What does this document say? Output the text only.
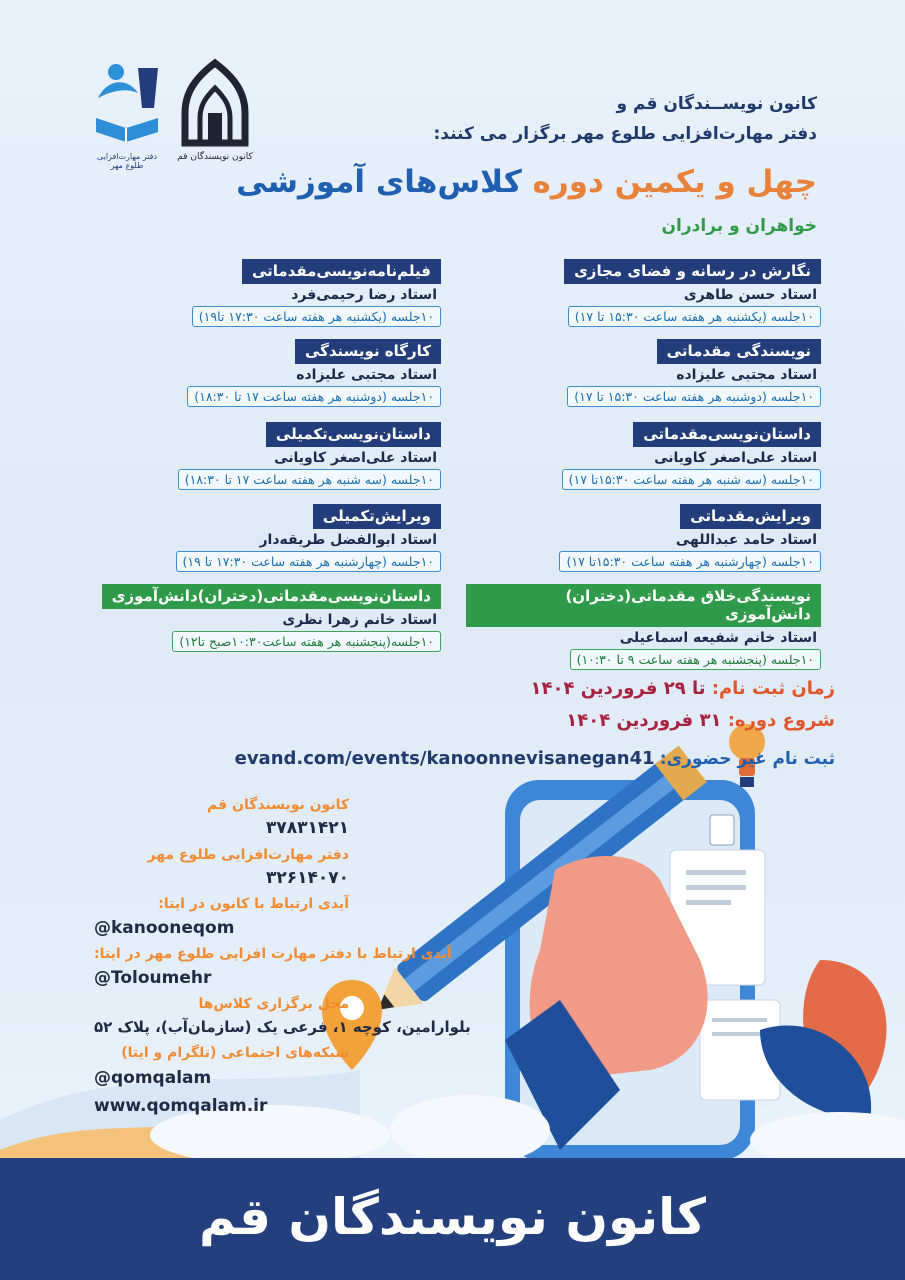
کانون نویسندگان قم
دفتر مهارت‌افزایی طلوع مهر
کانون نویســندگان قم و
دفتر مهارت‌افزایی طلوع مهر برگزار می کنند:
چهل و یکمین دوره کلاس‌های آموزشی
خواهران و برادران
نگارش در رسانه و فضای مجازی
استاد حسن طاهری
۱۰جلسه (یکشنبه هر هفته ساعت ۱۵:۳۰ تا ۱۷)
نویسندگی مقدماتی
استاد مجتبی علیزاده
۱۰جلسه (دوشنبه هر هفته ساعت ۱۵:۳۰ تا ۱۷)
داستان‌نویسی‌مقدماتی
استاد علی‌اصغر کاویانی
۱۰جلسه (سه شنبه هر هفته ساعت ۱۵:۳۰تا ۱۷)
ویرایش‌مقدماتی
استاد حامد عبداللهی
۱۰جلسه (چهارشنبه هر هفته ساعت ۱۵:۳۰تا ۱۷)
نویسندگی‌خلاق مقدماتی(دختران) دانش‌آموزی
استاد خانم شفیعه اسماعیلی
۱۰جلسه (پنجشنبه هر هفته ساعت ۹ تا ۱۰:۳۰)
فیلم‌نامه‌نویسی‌مقدماتی
استاد رضا رحیمی‌فرد
۱۰جلسه (یکشنبه هر هفته ساعت ۱۷:۳۰ تا۱۹)
کارگاه نویسندگی
استاد مجتبی علیزاده
۱۰جلسه (دوشنبه هر هفته ساعت ۱۷ تا ۱۸:۳۰)
داستان‌نویسی‌تکمیلی
استاد علی‌اصغر کاویانی
۱۰جلسه (سه شنبه هر هفته ساعت ۱۷ تا ۱۸:۳۰)
ویرایش‌تکمیلی
استاد ابوالفضل طریقه‌دار
۱۰جلسه (چهارشنبه هر هفته ساعت ۱۷:۳۰ تا ۱۹)
داستان‌نویسی‌مقدماتی(دختران)دانش‌آموزی
استاد خانم زهرا نظری
۱۰جلسه(پنجشنبه هر هفته ساعت۱۰:۳۰صبح تا۱۲)
زمان ثبت نام: تا ۲۹ فروردین ۱۴۰۴
شروع دوره: ۳۱ فروردین ۱۴۰۴
ثبت نام غیر حضوری: evand.com/events/kanoonnevisanegan41
کانون نویسندگان قم
۳۷۸۳۱۴۲۱
دفتر مهارت‌افزایی طلوع مهر
۳۲۶۱۴۰۷۰
آیدی ارتباط با کانون در ایتا:
@kanooneqom
آیدی ارتباط با دفتر مهارت افزایی طلوع مهر در ایتا:
@Toloumehr
محل برگزاری کلاس‌ها
بلوارامین، کوچه ۱، فرعی یک (سازمان‌آب)، پلاک ۵۲
شبکه‌های اجتماعی (تلگرام و ایتا)
@qomqalam
www.qomqalam.ir
کانون نویسندگان قم
